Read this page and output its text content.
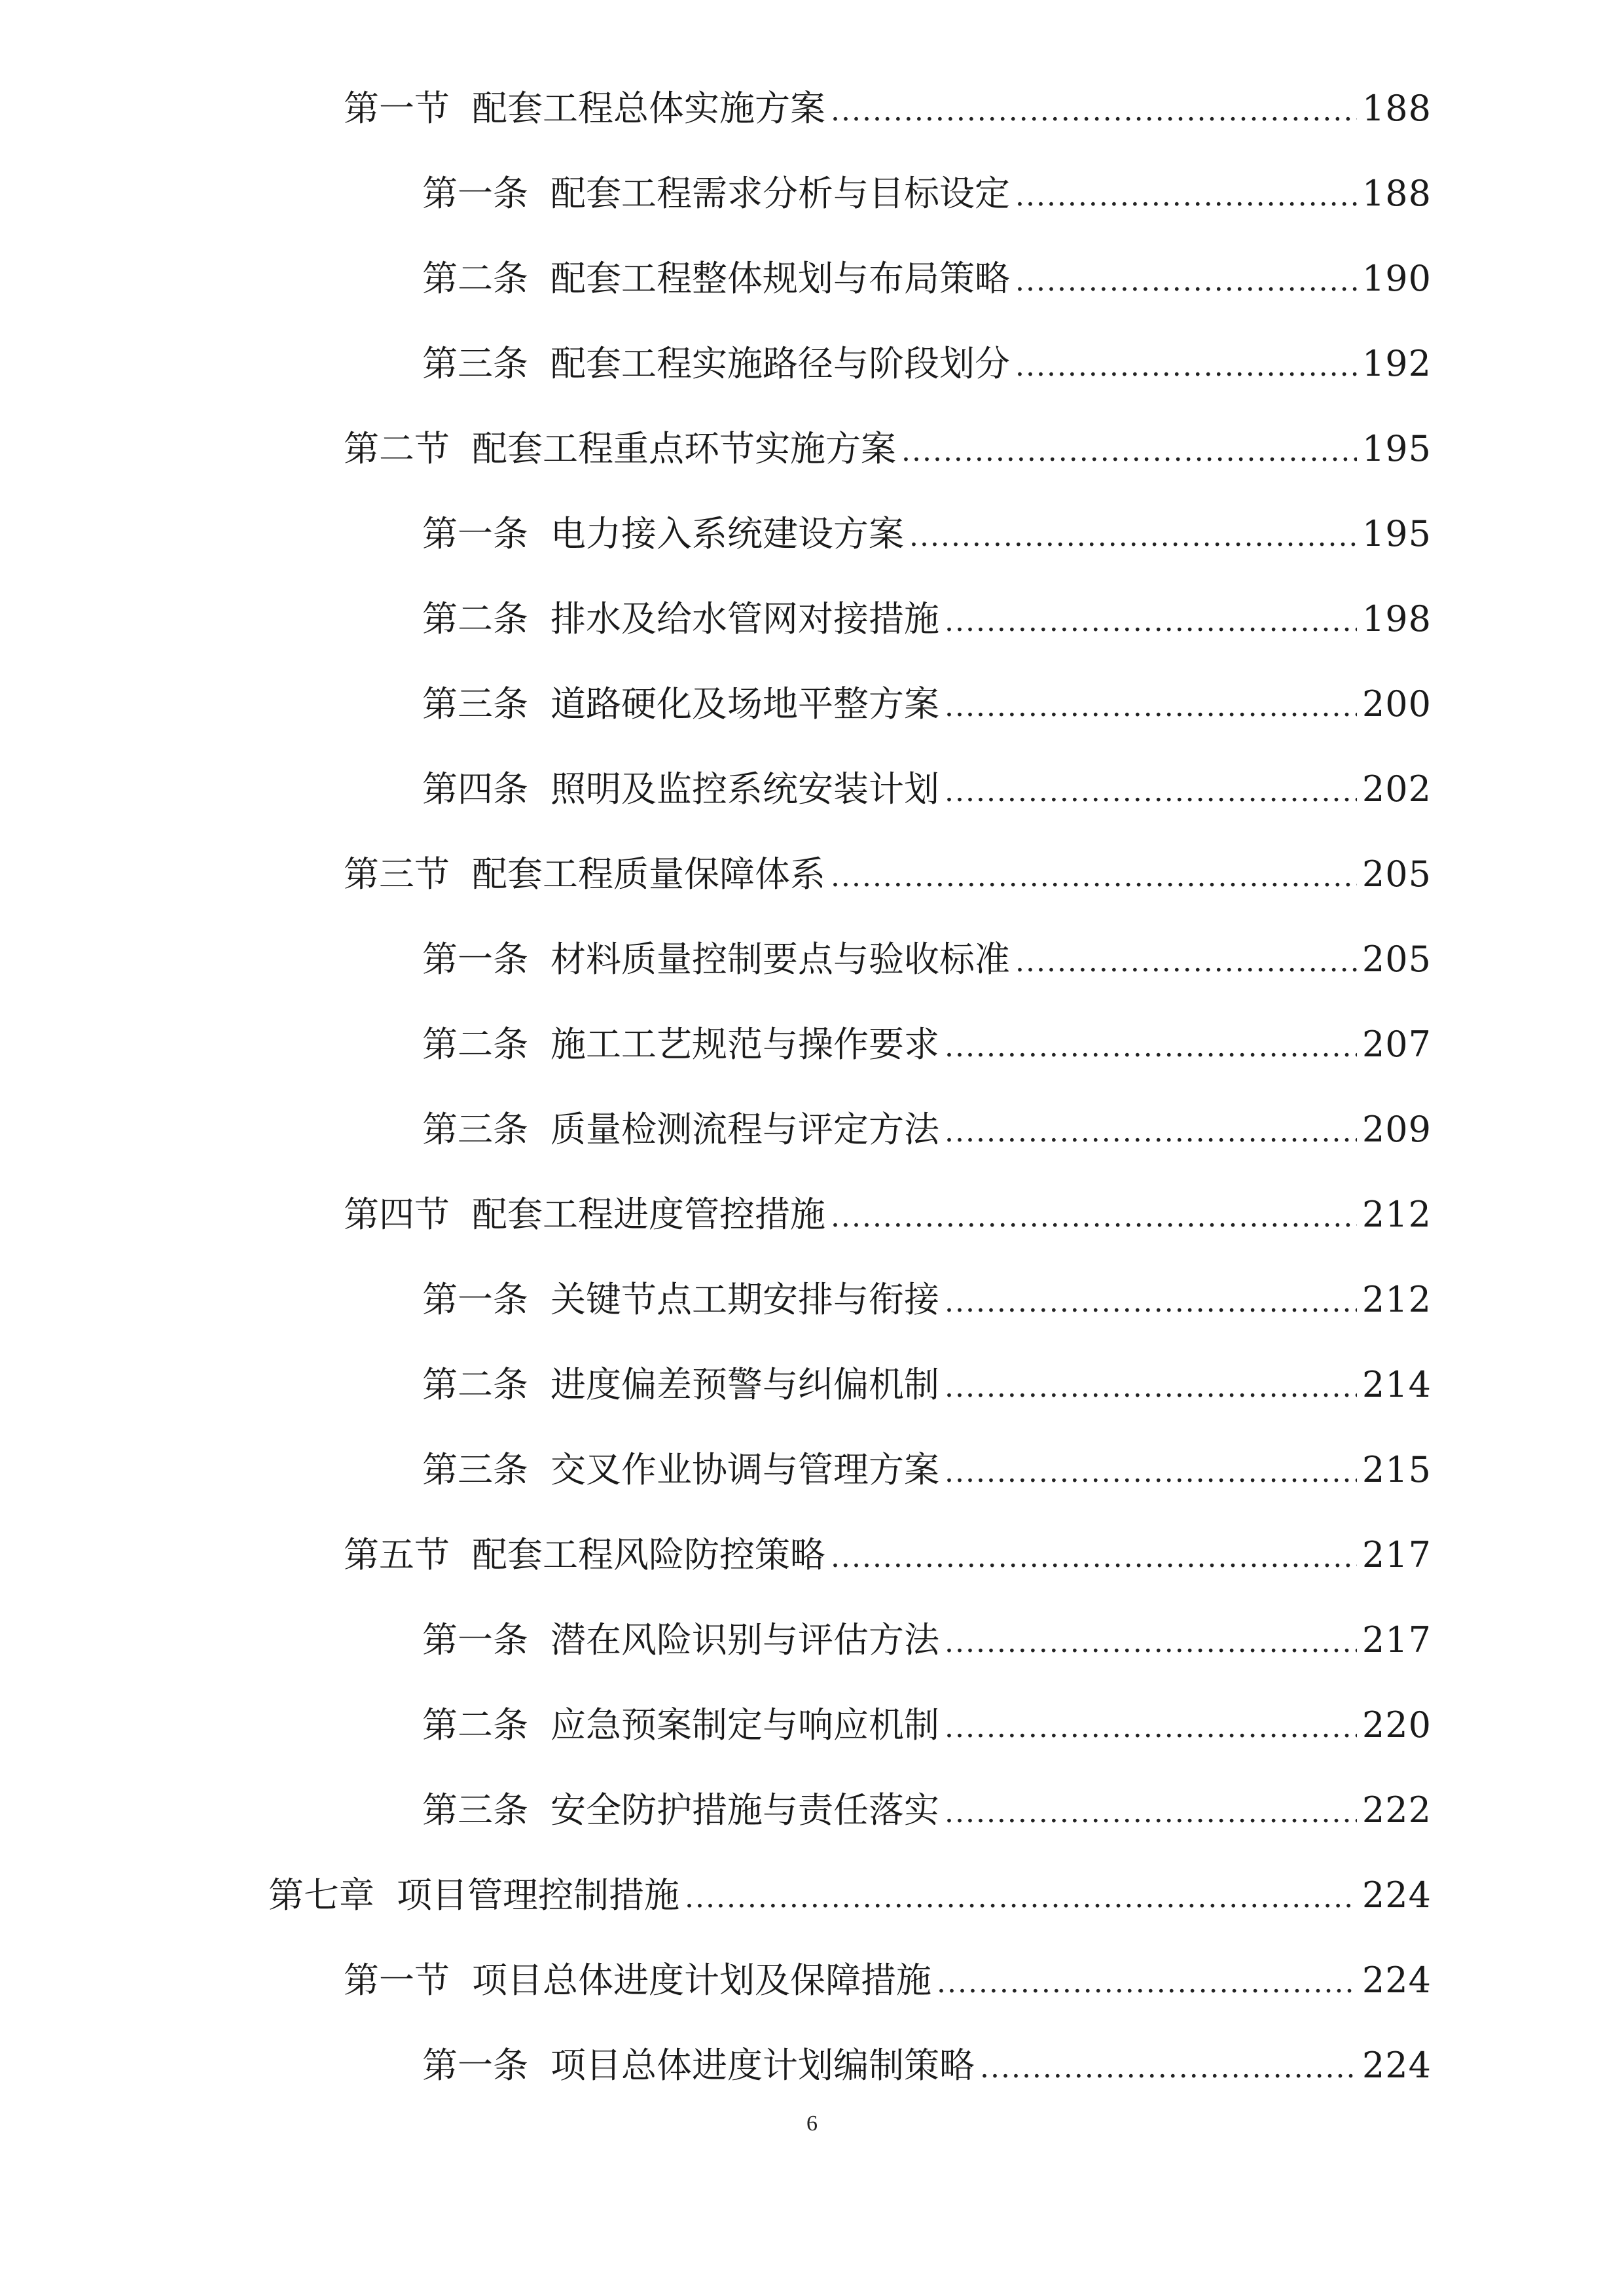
第一节 配套工程总体实施方案 .....	188
第一条 配套工程需求分析与目标设定 .....	188
第二条 配套工程整体规划与布局策略 .....	190
第三条 配套工程实施路径与阶段划分 .....	192
第二节 配套工程重点环节实施方案 .....	195
第一条 电力接入系统建设方案 .....	195
第二条 排水及给水管网对接措施 .....	198
第三条 道路硬化及场地平整方案 .....	200
第四条 照明及监控系统安装计划 .....	202
第三节 配套工程质量保障体系 .....	205
第一条 材料质量控制要点与验收标准 .....	205
第二条 施工工艺规范与操作要求 .....	207
第三条 质量检测流程与评定方法 .....	209
第四节 配套工程进度管控措施 .....	212
第一条 关键节点工期安排与衔接 .....	212
第二条 进度偏差预警与纠偏机制 .....	214
第三条 交叉作业协调与管理方案 .....	215
第五节 配套工程风险防控策略 .....	217
第一条 潜在风险识别与评估方法 .....	217
第二条 应急预案制定与响应机制 .....	220
第三条 安全防护措施与责任落实 .....	222
第七章 项目管理控制措施 .....	224
第一节 项目总体进度计划及保障措施 .....	224
第一条 项目总体进度计划编制策略 .....	224
6
